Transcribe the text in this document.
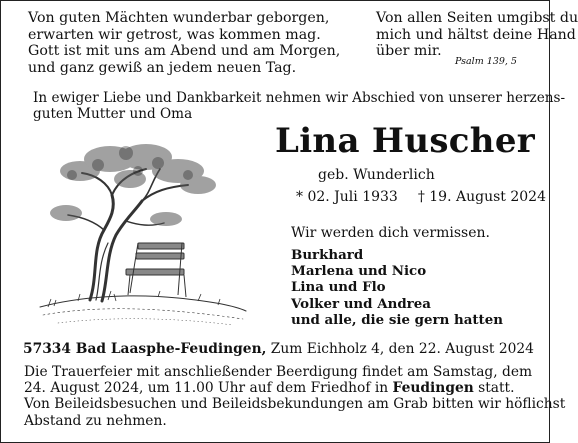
Von guten Mächten wunderbar geborgen,
erwarten wir getrost, was kommen mag.
Gott ist mit uns am Abend und am Morgen,
und ganz gewiß an jedem neuen Tag.
Von allen Seiten umgibst du
mich und hältst deine Hand
über mir.
Psalm 139, 5
In ewiger Liebe und Dankbarkeit nehmen wir Abschied von unserer herzens-
guten Mutter und Oma
Lina Huscher
geb. Wunderlich
* 02. Juli 1933 † 19. August 2024
Wir werden dich vermissen.
Burkhard
Marlena und Nico
Lina und Flo
Volker und Andrea
und alle, die sie gern hatten
57334 Bad Laasphe-Feudingen, Zum Eichholz 4, den 22. August 2024
Die Trauerfeier mit anschließender Beerdigung findet am Samstag, dem
24. August 2024, um 11.00 Uhr auf dem Friedhof in Feudingen statt.
Von Beileidsbesuchen und Beileidsbekundungen am Grab bitten wir höflichst
Abstand zu nehmen.
